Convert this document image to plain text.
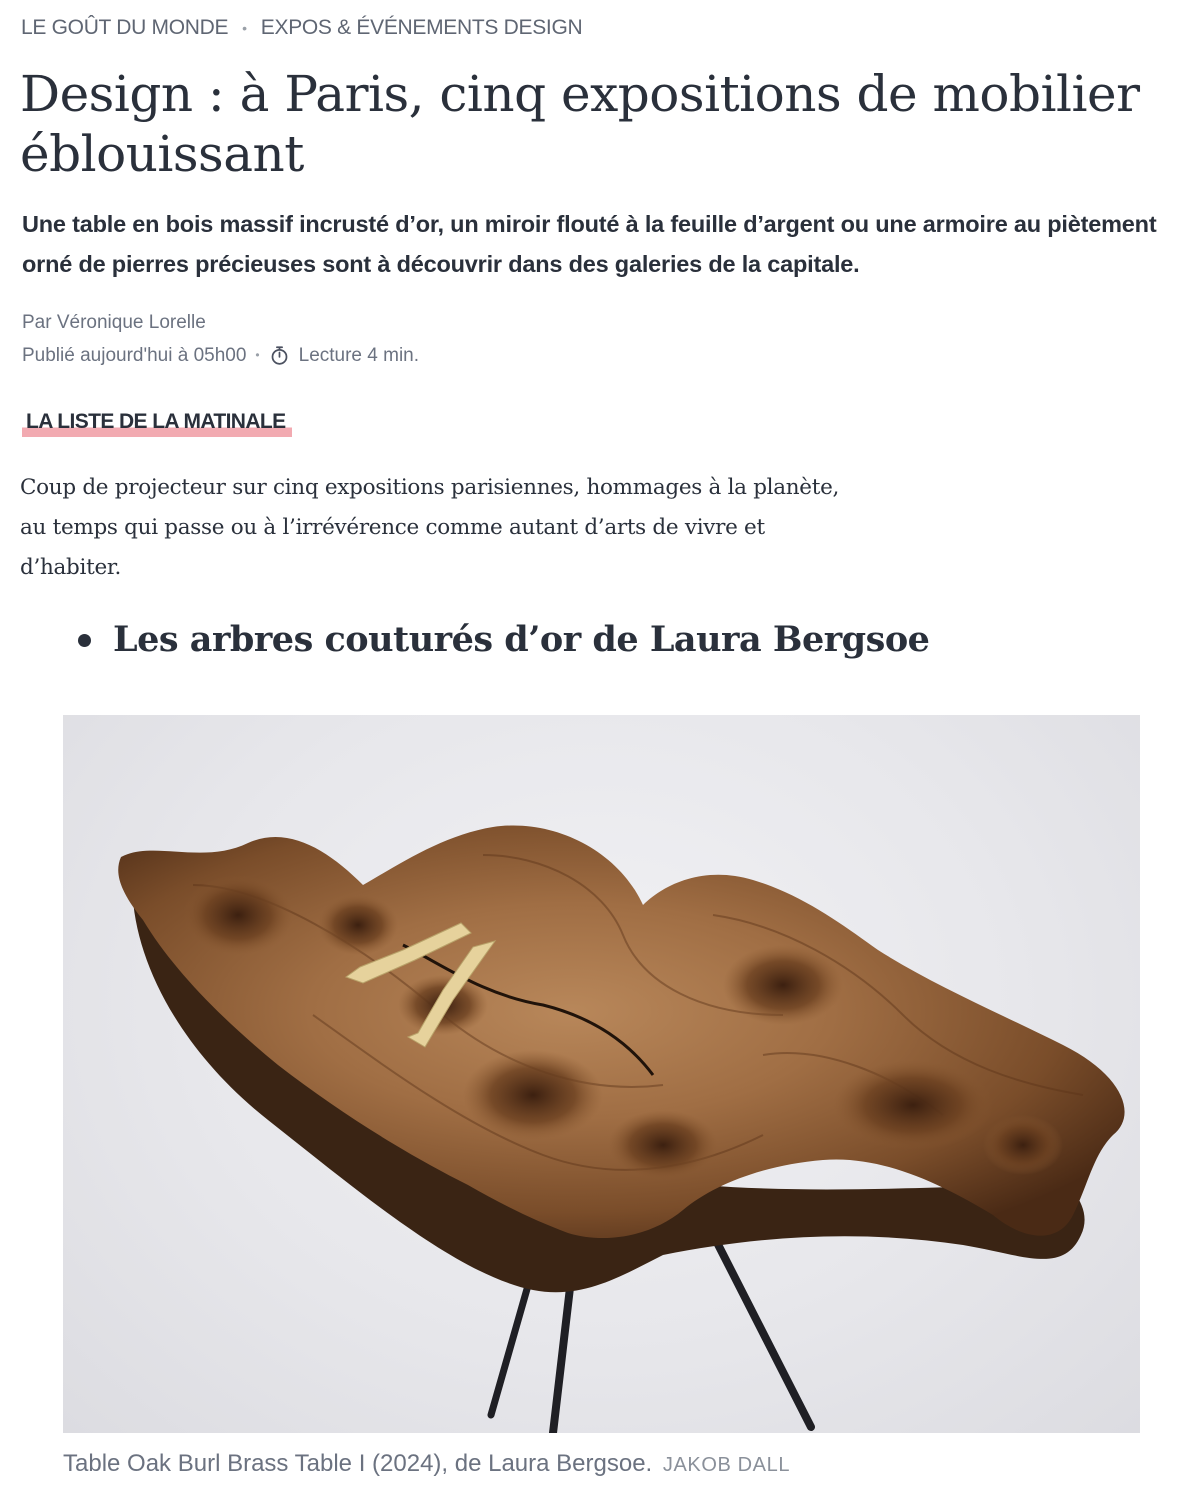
LE GOÛT DU MONDE • EXPOS & ÉVÉNEMENTS DESIGN
Design : à Paris, cinq expositions de mobilier éblouissant

Une table en bois massif incrusté d’or, un miroir flouté à la feuille d’argent ou une armoire au piètement orné de pierres précieuses sont à découvrir dans des galeries de la capitale.

Par
Véronique Lorelle
Publié aujourd'hui à 05h00 • Lecture 4 min.
LA LISTE DE LA MATINALE

Coup de projecteur sur cinq expositions parisiennes, hommages à la planète, au temps qui passe ou à l’irrévérence comme autant d’arts de vivre et d’habiter.

Les arbres couturés d’or de Laura Bergsoe
Table Oak Burl Brass Table I (2024), de Laura Bergsoe. JAKOB DALL
